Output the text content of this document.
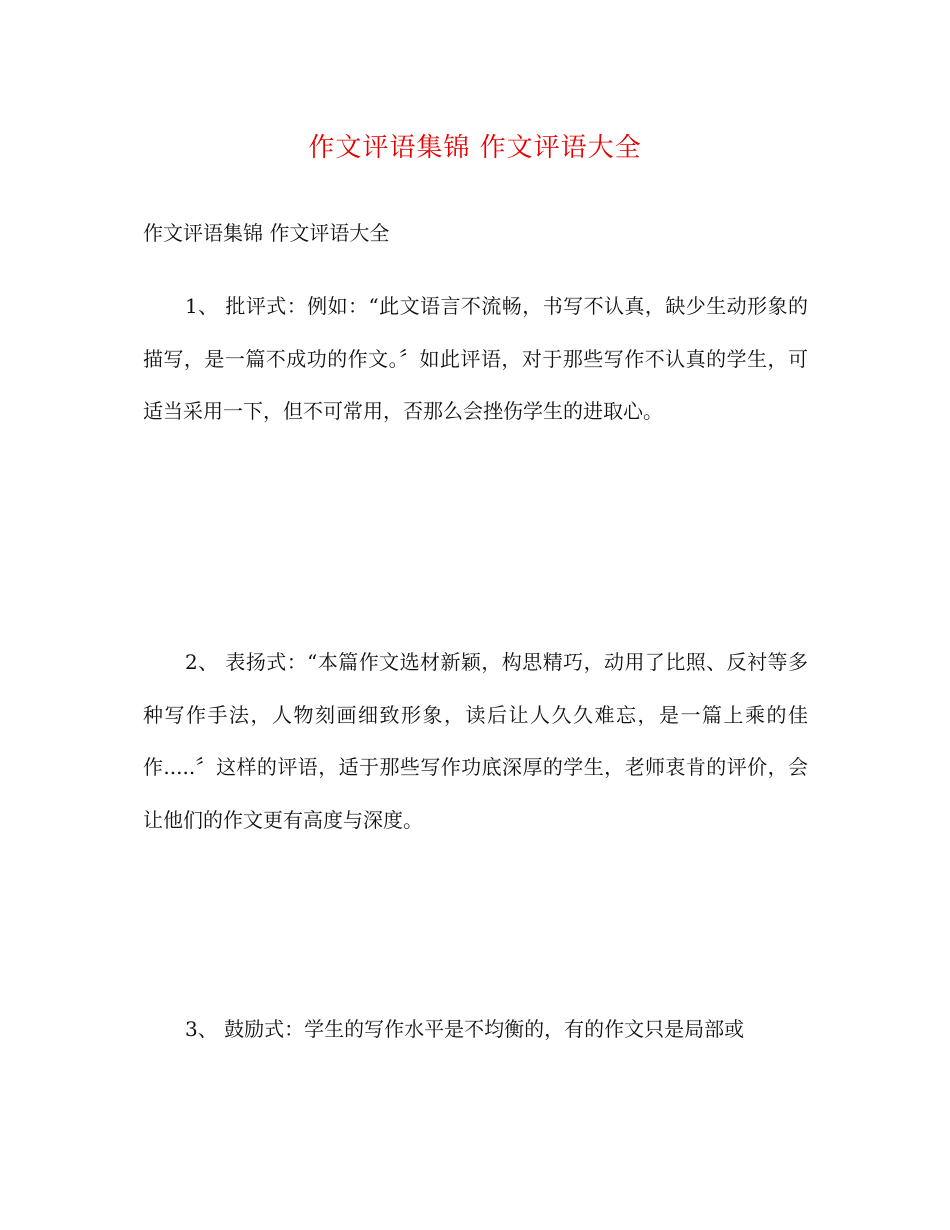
作文评语集锦 作文评语大全
作文评语集锦 作文评语大全

1、 批评式：例如：“此文语言不流畅，书写不认真，缺少生动形象的描写，是一篇不成功的作文。〞如此评语，对于那些写作不认真的学生，可适当采用一下，但不可常用，否那么会挫伤学生的进取心。

2、 表扬式：“本篇作文选材新颖，构思精巧，动用了比照、反衬等多种写作手法，人物刻画细致形象，读后让人久久难忘，是一篇上乘的佳作.....〞这样的评语，适于那些写作功底深厚的学生，老师衷肯的评价，会让他们的作文更有高度与深度。

3、 鼓励式：学生的写作水平是不均衡的，有的作文只是局部或
